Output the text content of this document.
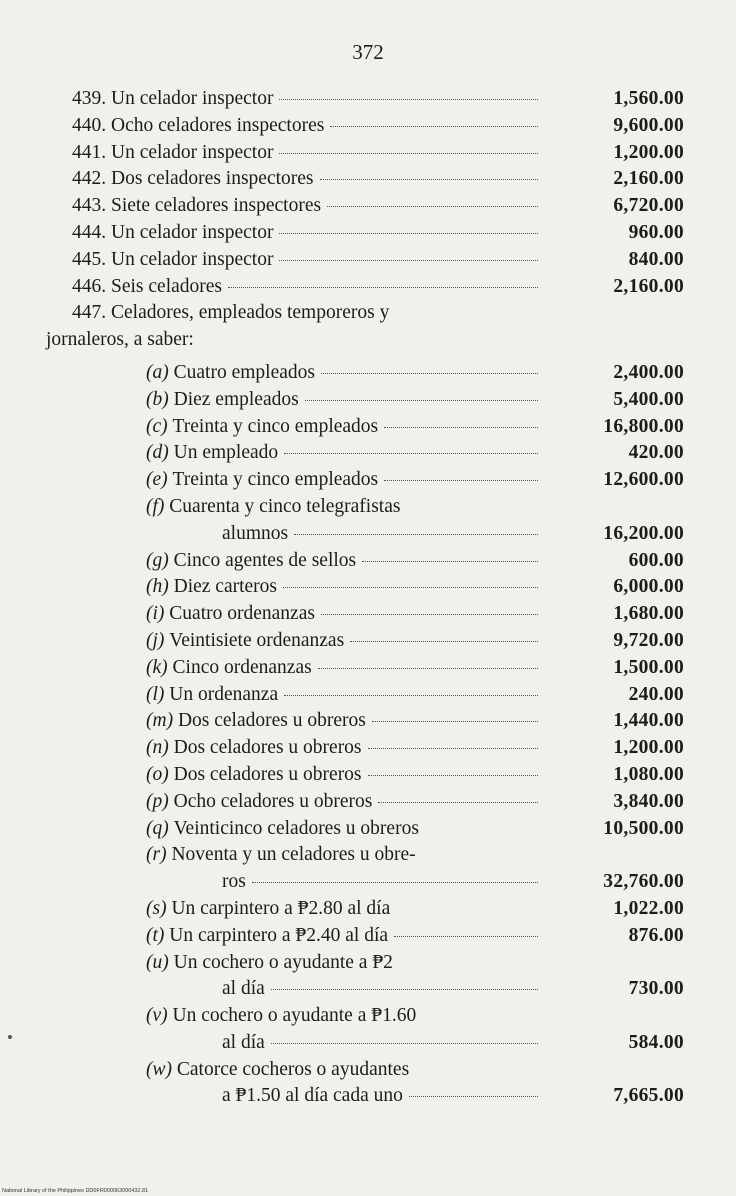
372
439.
Un celador inspector	1,560.00
440.
Ocho celadores inspectores	9,600.00
441.
Un celador inspector	1,200.00
442.
Dos celadores inspectores	2,160.00
443.
Siete celadores inspectores	6,720.00
444.
Un celador inspector	960.00
445.
Un celador inspector	840.00
446.
Seis celadores	2,160.00
447. Celadores, empleados temporeros y
jornaleros, a saber:
(a)
Cuatro empleados	2,400.00
(b)
Diez empleados	5,400.00
(c)
Treinta y cinco empleados	16,800.00
(d)
Un empleado	420.00
(e)
Treinta y cinco empleados	12,600.00
(f)
Cuarenta y cinco telegrafistas
alumnos	16,200.00
(g)
Cinco agentes de sellos	600.00
(h)
Diez carteros	6,000.00
(i)
Cuatro ordenanzas	1,680.00
(j)
Veintisiete ordenanzas	9,720.00
(k)
Cinco ordenanzas	1,500.00
(l)
Un ordenanza	240.00
(m)
Dos celadores u obreros	1,440.00
(n)
Dos celadores u obreros	1,200.00
(o)
Dos celadores u obreros	1,080.00
(p)
Ocho celadores u obreros	3,840.00
(q)
Veinticinco celadores u obreros	10,500.00
(r)
Noventa y un celadores u obre-
ros	32,760.00
(s)
Un carpintero a ₱2.80 al día	1,022.00
(t)
Un carpintero a ₱2.40 al día	876.00
(u)
Un cochero o ayudante a ₱2
al día	730.00
(v)
Un cochero o ayudante a ₱1.60
al día	584.00
(w)
Catorce cocheros o ayudantes
a ₱1.50 al día cada uno	7,665.00
National Library of the Philippines DD0FR000063000432.81
